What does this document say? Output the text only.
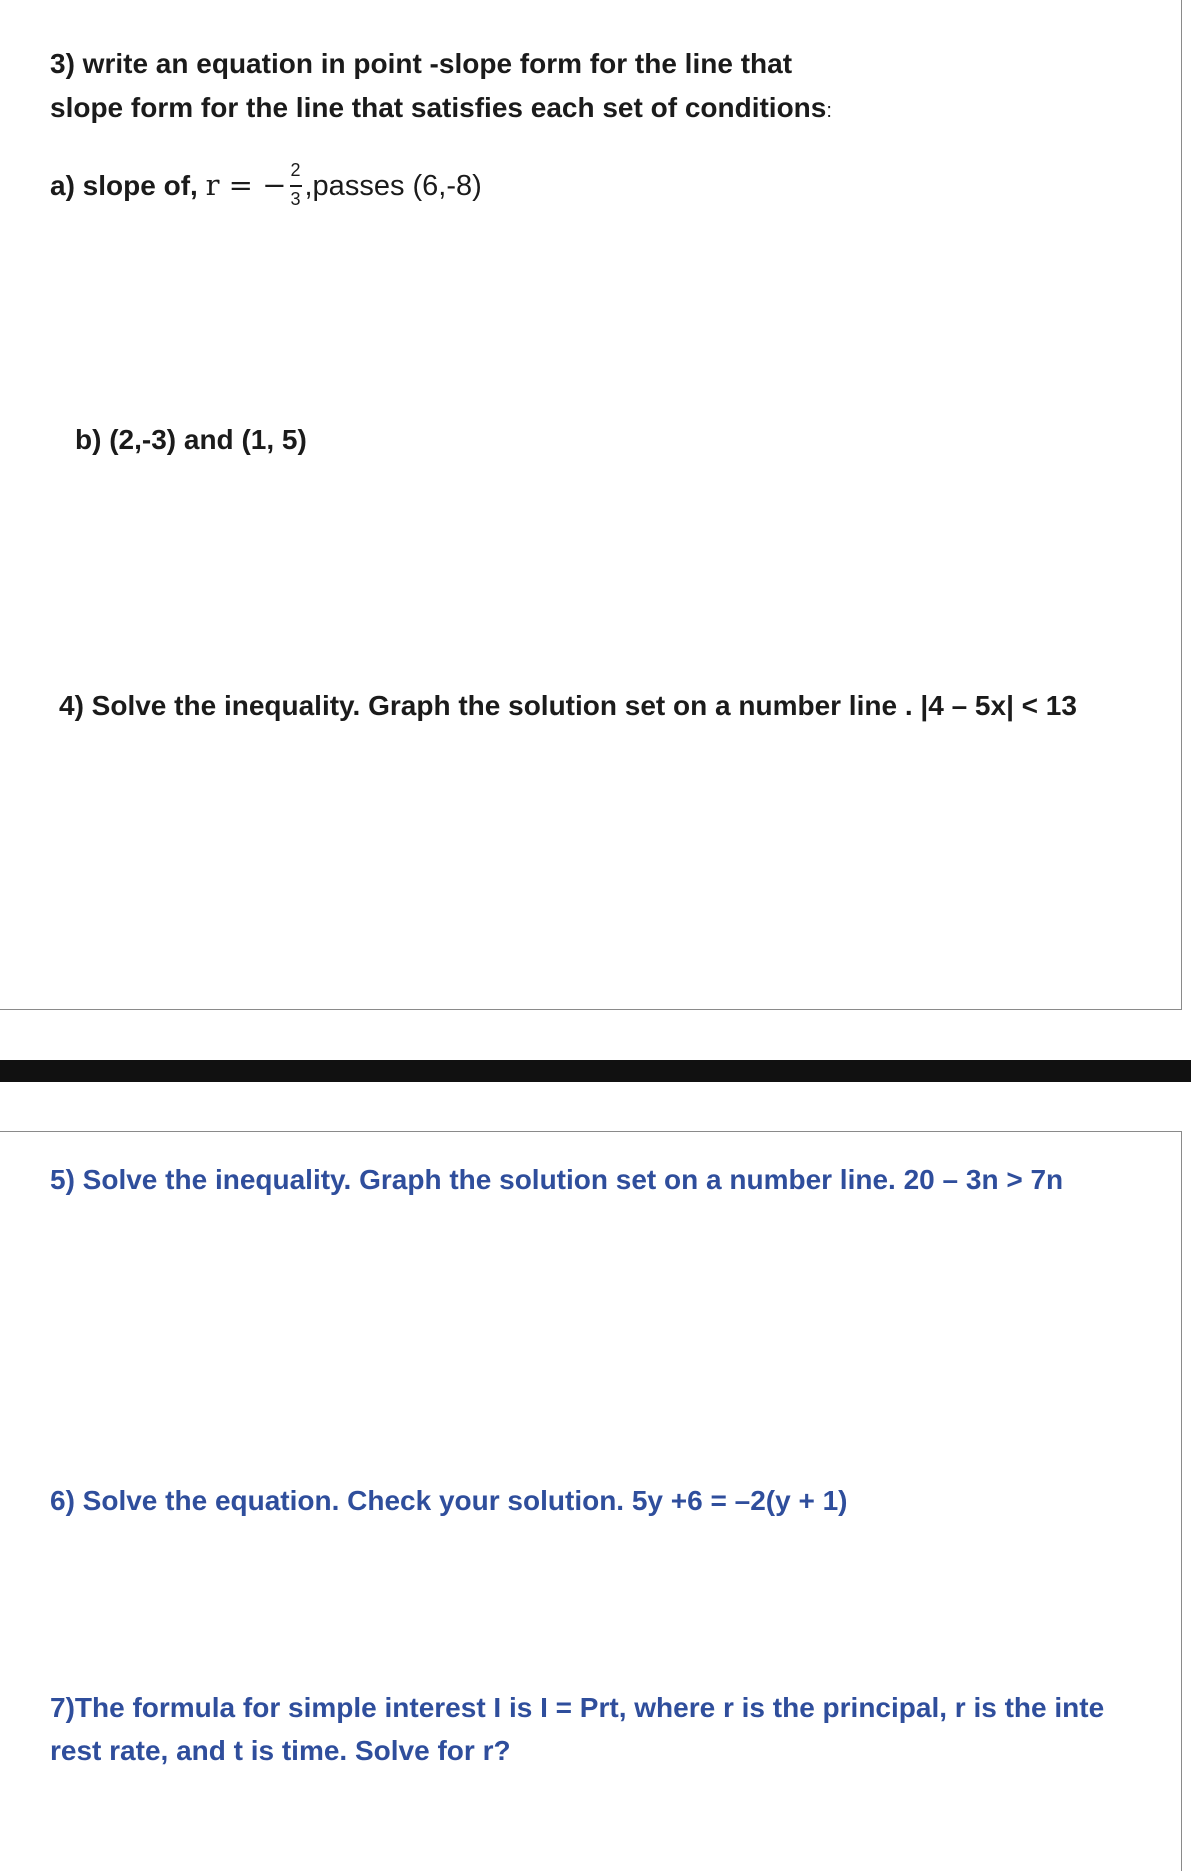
3) write an equation in point -slope form for the line that
slope form for the line that satisfies each set of conditions:
a) slope of, r = − $\frac{2}{3}$ ,passes (6,-8)
b) (2,-3) and (1, 5)
4) Solve the inequality. Graph the solution set on a number line . |4 – 5x| < 13
5) Solve the inequality. Graph the solution set on a number line. 20 – 3n > 7n
6) Solve the equation. Check your solution. 5y +6 = –2(y + 1)
7)The formula for simple interest I is I = Prt, where r is the principal, r is the inte
rest rate, and t is time. Solve for r?
